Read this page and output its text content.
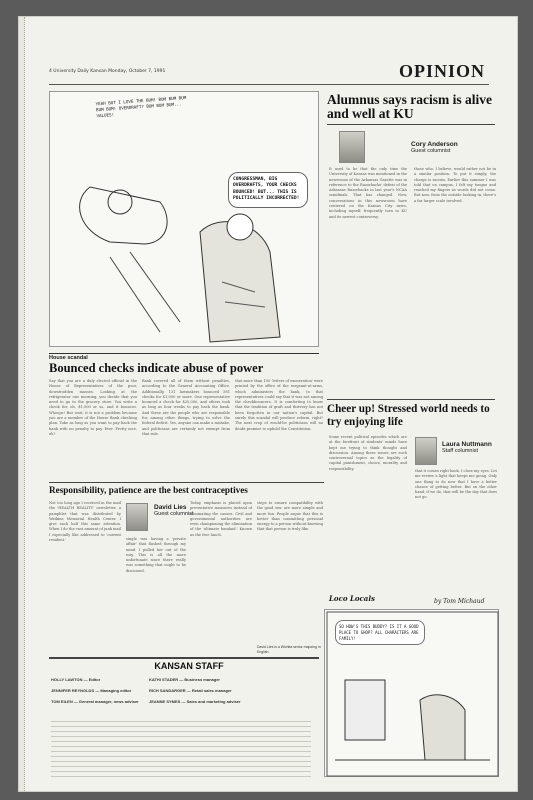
4 University Daily Kansan Monday, October 7, 1991	OPINION
YEAH BUT I LOVE THE BUM! BUM BUM BUM BUM BUM! OVERDRAFT? BUM BUM BUM... VALUES!
CONGRESSMAN, BIG OVERDRAFTS, YOUR CHECKS BOUNCED! BUT... THIS IS POLITICALLY INCORRECTED!
Alumnus says racism is alive and well at KU
Cory Anderson
Guest columnist
It used to be that the only time the University of Kansas was mentioned in the newsroom of the Arkansas Gazette was in reference to the Razorbacks' defeat of the Arkansas Razorbacks in last year's NCAA semifinals. That has changed. Now, conversations in this newsroom have centered on the Kansas City news, including myself, frequently turn to KU and its newest controversy.
those who, I believe, would rather not be in a similar position. To put it simply, the charge is racism. Earlier this summer I was told that on campus, I felt my tongue and reached my fingers as words did not come. But now, from the outside looking in, there's a far larger scale involved.
House scandal
Bounced checks indicate abuse of power
Say that you are a duly elected official in the House of Representatives of the poor, downtrodden masses. Looking at the refrigerator one morning, you decide that you need to go to the grocery store. You write a check for, oh, $1,000 or so, and it bounces. Whoops! But wait, it is not a problem because you are a member of the House Bank checking plan. Take as long as you want to pay back the bank with no penalty to pay. Ever. Pretty nice, eh?
Bank covered all of them without penalties, according to the General Accounting Office. Additionally, 131 lawmakers bounced 581 checks for $1,000 or more. One representative bounced a check for $25,000, and others took as long as four weeks to pay back the bank. And these are the people who are responsible for, among other things, trying to solve the federal deficit. Yes, anyone can make a mistake, and politicians are certainly not exempt from that rule.
that more than 100 'letters of exoneration' were printed by the office of the sergeant-at-arms, which administers the bank, to that representatives could say that it was not among the checkbouncers. It is comforting to know that the tradition of graft and thievery has not been forgotten in our nation's capital. But surely this scandal will produce reform, right? The next crop of would-be politicians will no doubt promise to uphold the Constitution.
Responsibility, patience are the best contraceptives
Not too long ago I received in the mail the 'HEALTH REALITY' newsletter, a pamphlet that was distributed by Watkins Memorial Health Center. I give each half this same attention. When I do the vast amount of junk mail I especially like addressed to 'current resident.'
David Lies
Guest columnist
single was having a 'private affair' that flashed through my mind. I pulled her out of the way. This is all the more unfortunate since there really was something that ought to be discussed.
Today, emphasis is placed upon preventative measures instead of eliminating the causes. Civil and governmental authorities are even championing the elimination of the 'ultimate bandaid.' Known as the free lunch.
steps to ensure compatibility with the good sex: are more simple and more fun. People argue that this is better than committing personal energy to a person without knowing that that person is truly like.
David Lies is a Wichita senior majoring in English.
Cheer up! Stressed world needs to try enjoying life
Some recent political episodes which are at the forefront of students' minds have kept me trying to think thought and discussion. Among these issues are such controversial topics as the legality of capital punishment, choice, morality and responsibility.
Laura Nuttmann
Staff columnist
that it comes right back, I close my eyes. Let me review a light that keeps me going. Only one thing to do now that I have a better chance of getting better. But on the other hand, if we do, that will be the day that does not go.
KANSAN STAFF
HOLLY LAWTON — Editor
JENNIFER REYNOLDS — Managing editor
TOM EILEN — General manager, news adviser
KATHI STADER — Business manager
RICH SANDARGER — Retail sales manager
JEANNE SYMES — Sales and marketing adviser
Loco Locals
SO HOW'S THIS BUDDY? IS IT A GOOD PLACE TO SHOP? ALL CHARACTERS ARE FAMILY!
by Tom Michaud
